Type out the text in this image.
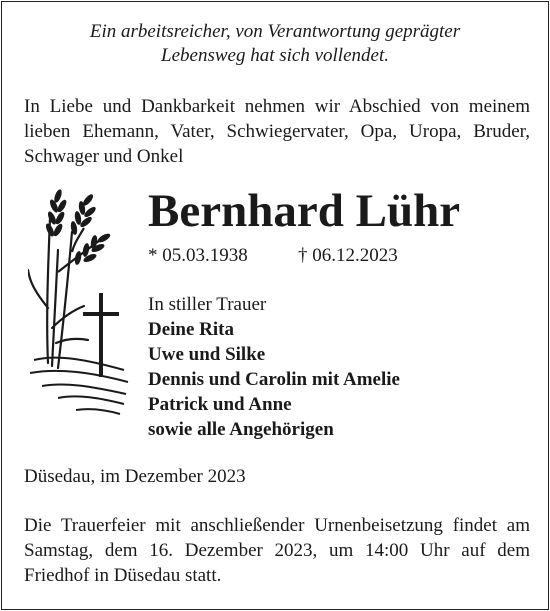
Ein arbeitsreicher, von Verantwortung geprägter
Lebensweg hat sich vollendet.
In Liebe und Dankbarkeit nehmen wir Abschied von meinem lieben Ehemann, Vater, Schwiegervater, Opa, Uropa, Bruder, Schwager und Onkel
Bernhard Lühr
* 05.03.1938	† 06.12.2023
In stiller Trauer
Deine Rita
Uwe und Silke
Dennis und Carolin mit Amelie
Patrick und Anne
sowie alle Angehörigen
Düsedau, im Dezember 2023
Die Trauerfeier mit anschließender Urnenbeisetzung findet am Samstag, dem 16. Dezember 2023, um 14:00 Uhr auf dem Friedhof in Düsedau statt.
